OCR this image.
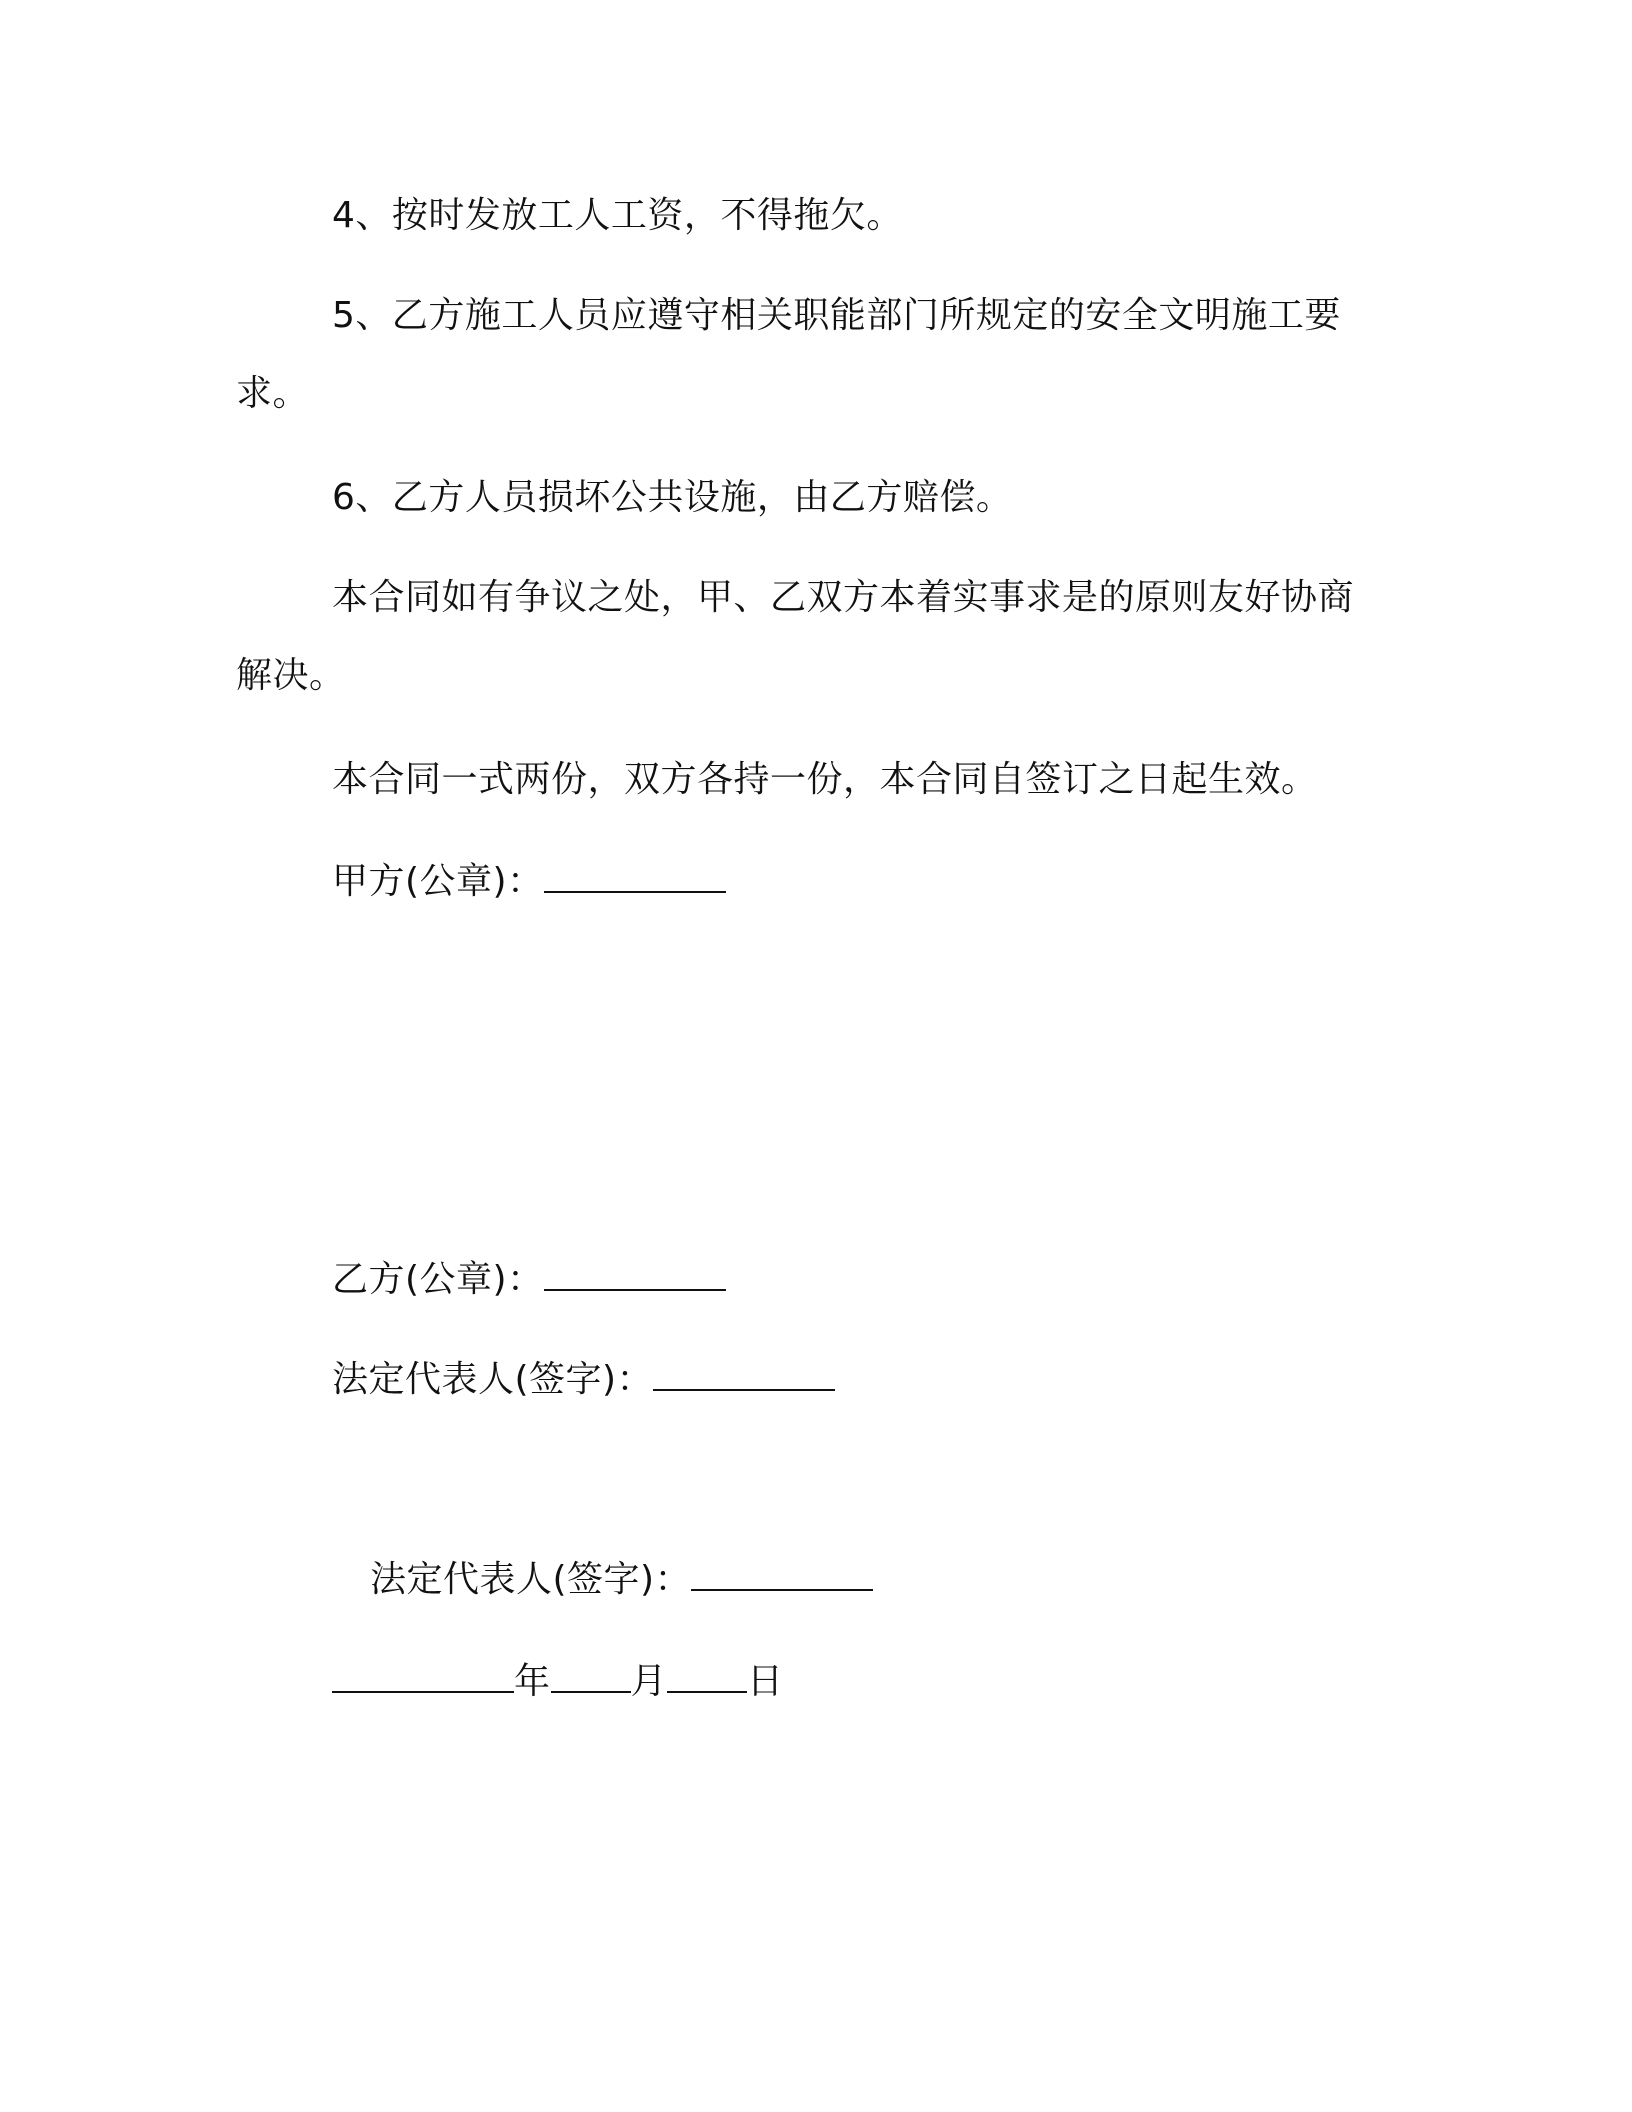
4、按时发放工人工资，不得拖欠。
5、乙方施工人员应遵守相关职能部门所规定的安全文明施工要
求。
6、乙方人员损坏公共设施，由乙方赔偿。
本合同如有争议之处，甲、乙双方本着实事求是的原则友好协商
解决。
本合同一式两份，双方各持一份，本合同自签订之日起生效。
甲方(公章)：
乙方(公章)：
法定代表人(签字)：
法定代表人(签字)：
年 月 日
